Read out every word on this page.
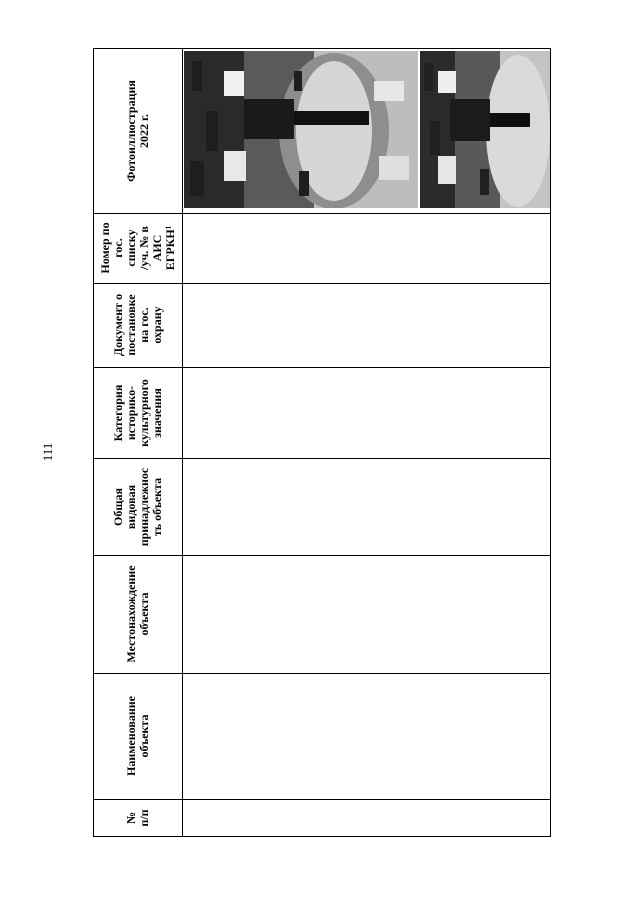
111
Фотоиллюстрация 2022 г.
Номер по гос. списку /уч. № в АИС ЕГРКН¹
Документ о постановке на гос. охрану
Категория историко- культурного значения
Общая видовая принадлежнос ть объекта
Местонахождение объекта
Наименование объекта
№ п/п
